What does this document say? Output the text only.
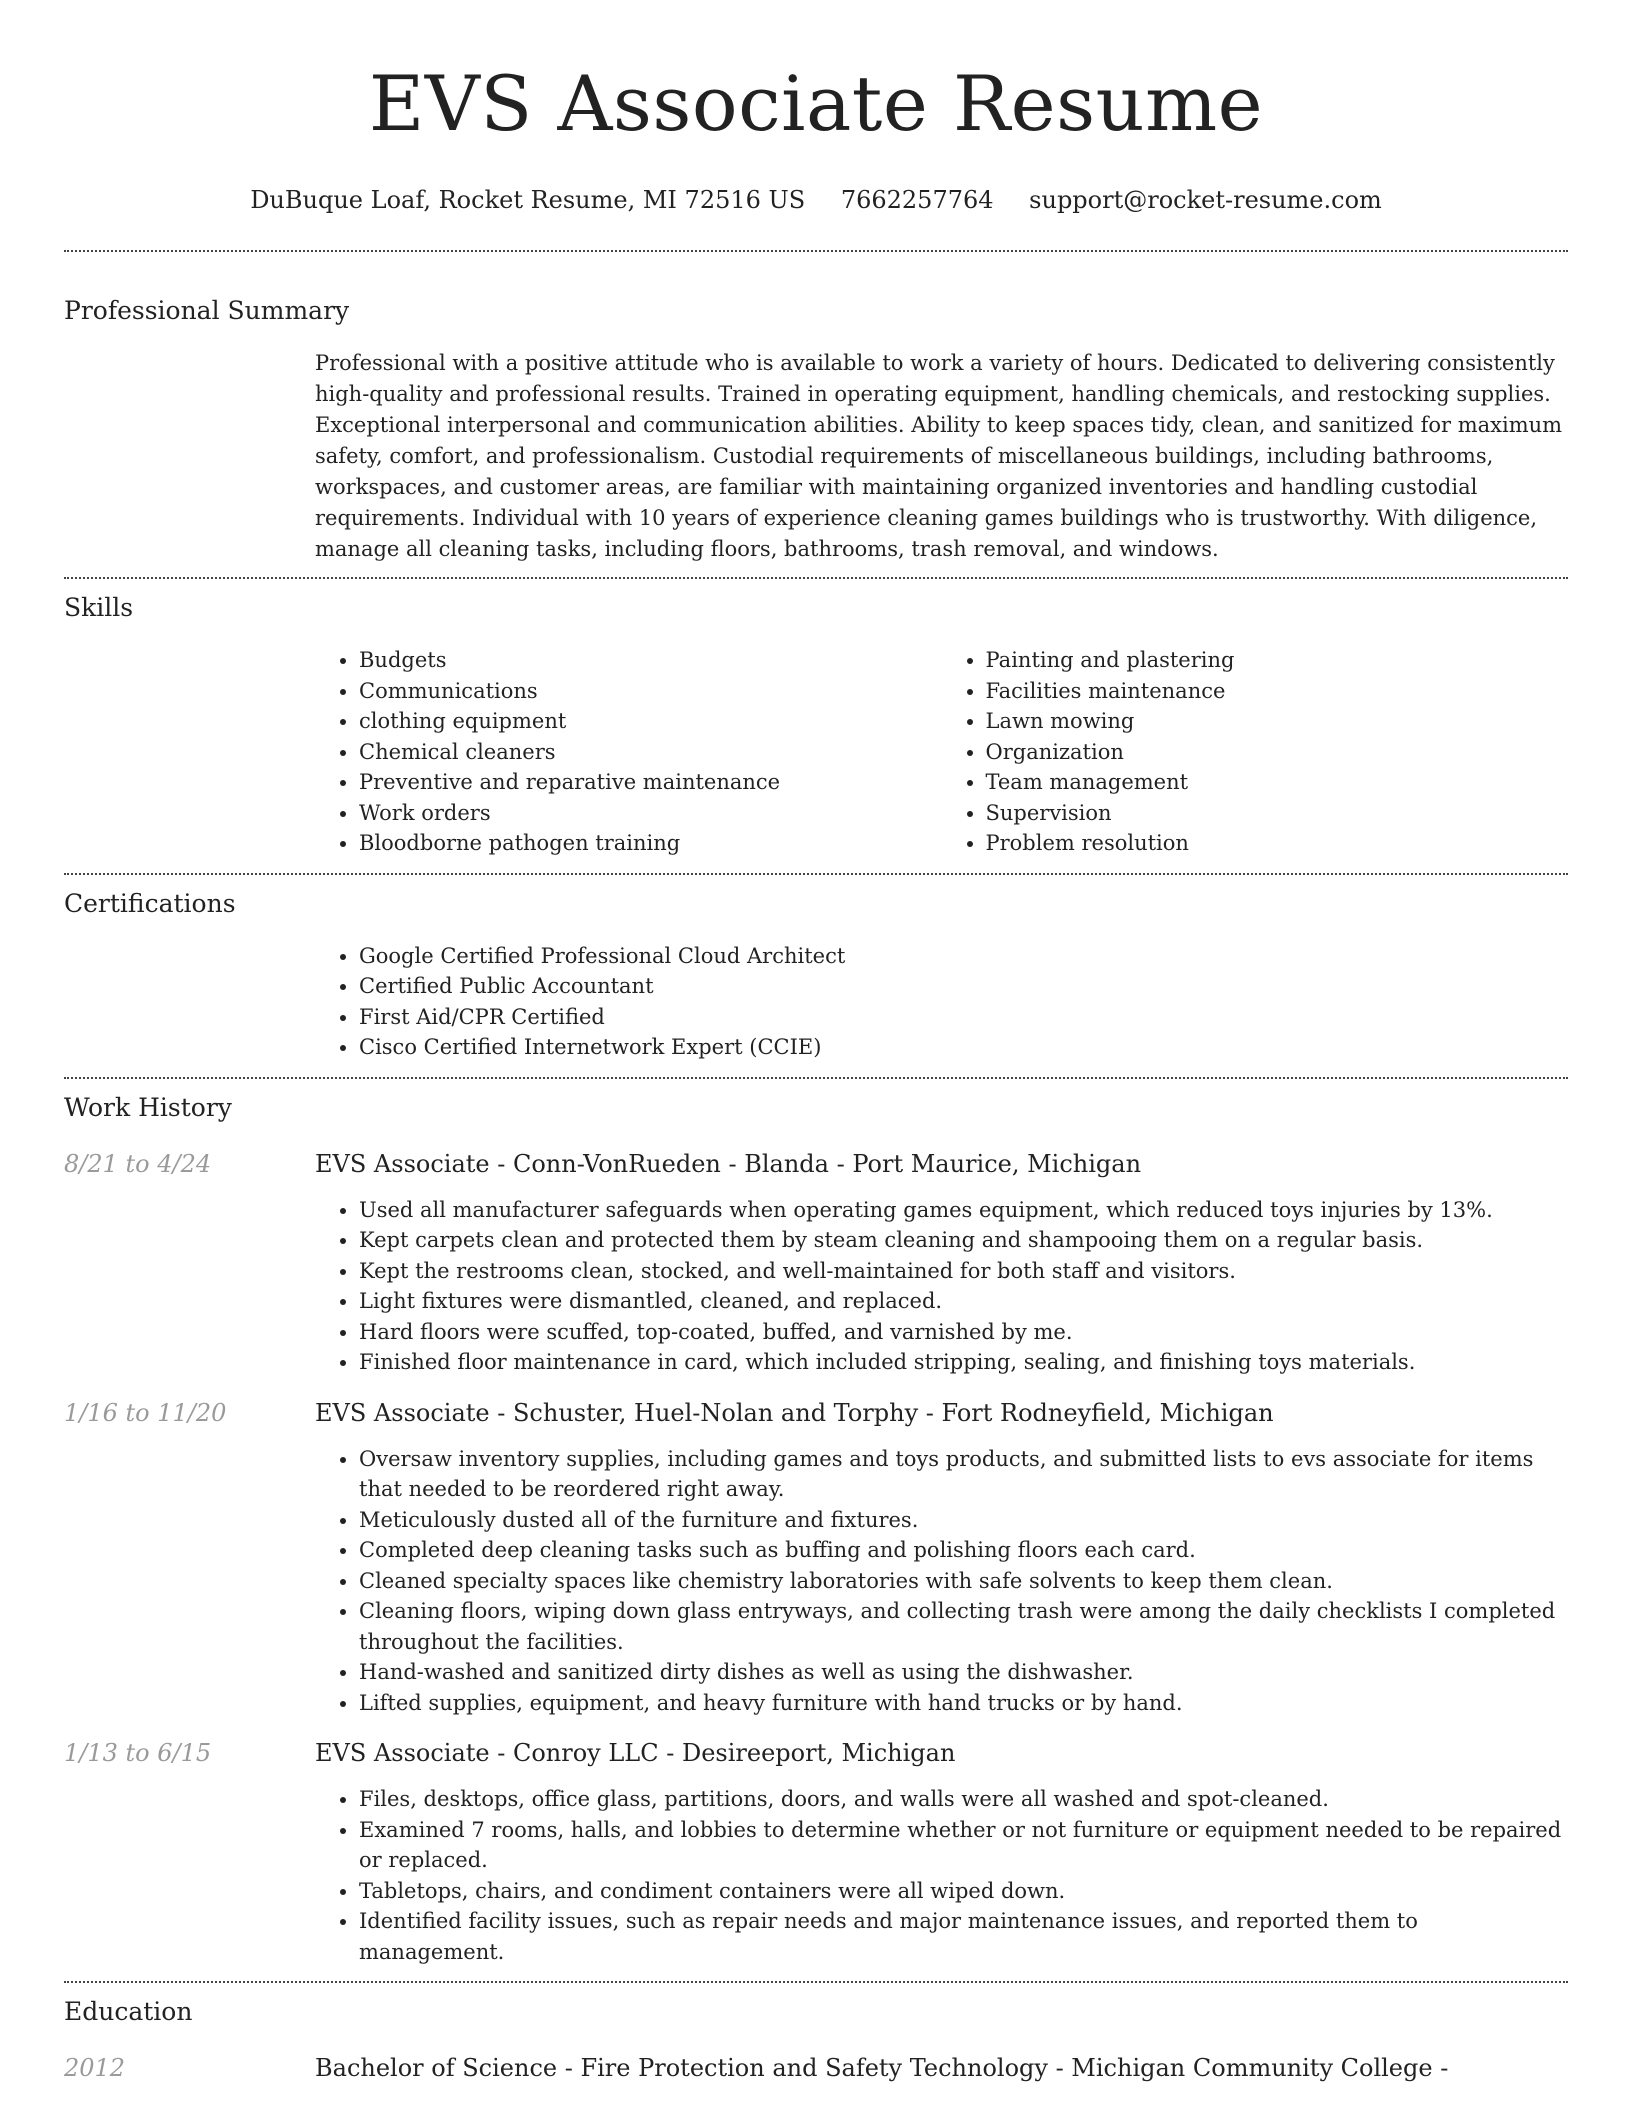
EVS Associate Resume
DuBuque Loaf, Rocket Resume, MI 72516 US 7662257764 support@rocket-resume.com
Professional Summary
Professional with a positive attitude who is available to work a variety of hours. Dedicated to delivering consistently high-quality and professional results. Trained in operating equipment, handling chemicals, and restocking supplies. Exceptional interpersonal and communication abilities. Ability to keep spaces tidy, clean, and sanitized for maximum safety, comfort, and professionalism. Custodial requirements of miscellaneous buildings, including bathrooms, workspaces, and customer areas, are familiar with maintaining organized inventories and handling custodial requirements. Individual with 10 years of experience cleaning games buildings who is trustworthy. With diligence, manage all cleaning tasks, including floors, bathrooms, trash removal, and windows.
Skills
• Budgets
• Communications
• clothing equipment
• Chemical cleaners
• Preventive and reparative maintenance
• Work orders
• Bloodborne pathogen training
• Painting and plastering
• Facilities maintenance
• Lawn mowing
• Organization
• Team management
• Supervision
• Problem resolution
Certifications
• Google Certified Professional Cloud Architect
• Certified Public Accountant
• First Aid/CPR Certified
• Cisco Certified Internetwork Expert (CCIE)
Work History
8/21 to 4/24	EVS Associate - Conn-VonRueden - Blanda - Port Maurice, Michigan
• Used all manufacturer safeguards when operating games equipment, which reduced toys injuries by 13%.
• Kept carpets clean and protected them by steam cleaning and shampooing them on a regular basis.
• Kept the restrooms clean, stocked, and well-maintained for both staff and visitors.
• Light fixtures were dismantled, cleaned, and replaced.
• Hard floors were scuffed, top-coated, buffed, and varnished by me.
• Finished floor maintenance in card, which included stripping, sealing, and finishing toys materials.
1/16 to 11/20	EVS Associate - Schuster, Huel-Nolan and Torphy - Fort Rodneyfield, Michigan
• Oversaw inventory supplies, including games and toys products, and submitted lists to evs associate for items that needed to be reordered right away.
• Meticulously dusted all of the furniture and fixtures.
• Completed deep cleaning tasks such as buffing and polishing floors each card.
• Cleaned specialty spaces like chemistry laboratories with safe solvents to keep them clean.
• Cleaning floors, wiping down glass entryways, and collecting trash were among the daily checklists I completed throughout the facilities.
• Hand-washed and sanitized dirty dishes as well as using the dishwasher.
• Lifted supplies, equipment, and heavy furniture with hand trucks or by hand.
1/13 to 6/15	EVS Associate - Conroy LLC - Desireeport, Michigan
• Files, desktops, office glass, partitions, doors, and walls were all washed and spot-cleaned.
• Examined 7 rooms, halls, and lobbies to determine whether or not furniture or equipment needed to be repaired or replaced.
• Tabletops, chairs, and condiment containers were all wiped down.
• Identified facility issues, such as repair needs and major maintenance issues, and reported them to management.
Education
2012	Bachelor of Science - Fire Protection and Safety Technology - Michigan Community College -
